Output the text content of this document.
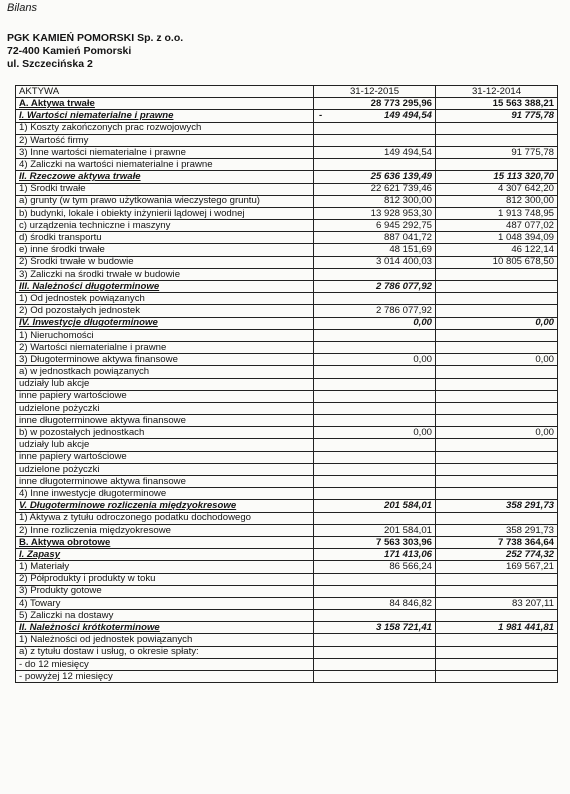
Bilans
PGK KAMIEŃ POMORSKI Sp. z o.o.
72-400 Kamień Pomorski
ul. Szczecińska 2
AKTYWA	31-12-2015	31-12-2014
A. Aktywa trwałe	28 773 295,96	15 563 388,21
I. Wartości niematerialne i prawne	- 149 494,54	91 775,78
1) Koszty zakończonych prac rozwojowych		
2) Wartość firmy		
3) Inne wartości niematerialne i prawne	149 494,54	91 775,78
4) Zaliczki na wartości niematerialne i prawne		
II. Rzeczowe aktywa trwałe	25 636 139,49	15 113 320,70
1) Środki trwałe	22 621 739,46	4 307 642,20
a) grunty (w tym prawo użytkowania wieczystego gruntu)	812 300,00	812 300,00
b) budynki, lokale i obiekty inżynierii lądowej i wodnej	13 928 953,30	1 913 748,95
c) urządzenia techniczne i maszyny	6 945 292,75	487 077,02
d) środki transportu	887 041,72	1 048 394,09
e) inne środki trwałe	48 151,69	46 122,14
2) Środki trwałe w budowie	3 014 400,03	10 805 678,50
3) Zaliczki na środki trwałe w budowie		
III. Należności długoterminowe	2 786 077,92	
1) Od jednostek powiązanych		
2) Od pozostałych jednostek	2 786 077,92	
IV. Inwestycje długoterminowe	0,00	0,00
1) Nieruchomości		
2) Wartości niematerialne i prawne		
3) Długoterminowe aktywa finansowe	0,00	0,00
a) w jednostkach powiązanych		
udziały lub akcje		
inne papiery wartościowe		
udzielone pożyczki		
inne długoterminowe aktywa finansowe		
b) w pozostałych jednostkach	0,00	0,00
udziały lub akcje		
inne papiery wartościowe		
udzielone pożyczki		
inne długoterminowe aktywa finansowe		
4) Inne inwestycje długoterminowe		
V. Długoterminowe rozliczenia międzyokresowe	201 584,01	358 291,73
1) Aktywa z tytułu odroczonego podatku dochodowego		
2) Inne rozliczenia międzyokresowe	201 584,01	358 291,73
B. Aktywa obrotowe	7 563 303,96	7 738 364,64
I. Zapasy	171 413,06	252 774,32
1) Materiały	86 566,24	169 567,21
2) Półprodukty i produkty w toku		
3) Produkty gotowe		
4) Towary	84 846,82	83 207,11
5) Zaliczki na dostawy		
II. Należności krótkoterminowe	3 158 721,41	1 981 441,81
1) Należności od jednostek powiązanych		
a) z tytułu dostaw i usług, o okresie spłaty:		
- do 12 miesięcy		
- powyżej 12 miesięcy		
